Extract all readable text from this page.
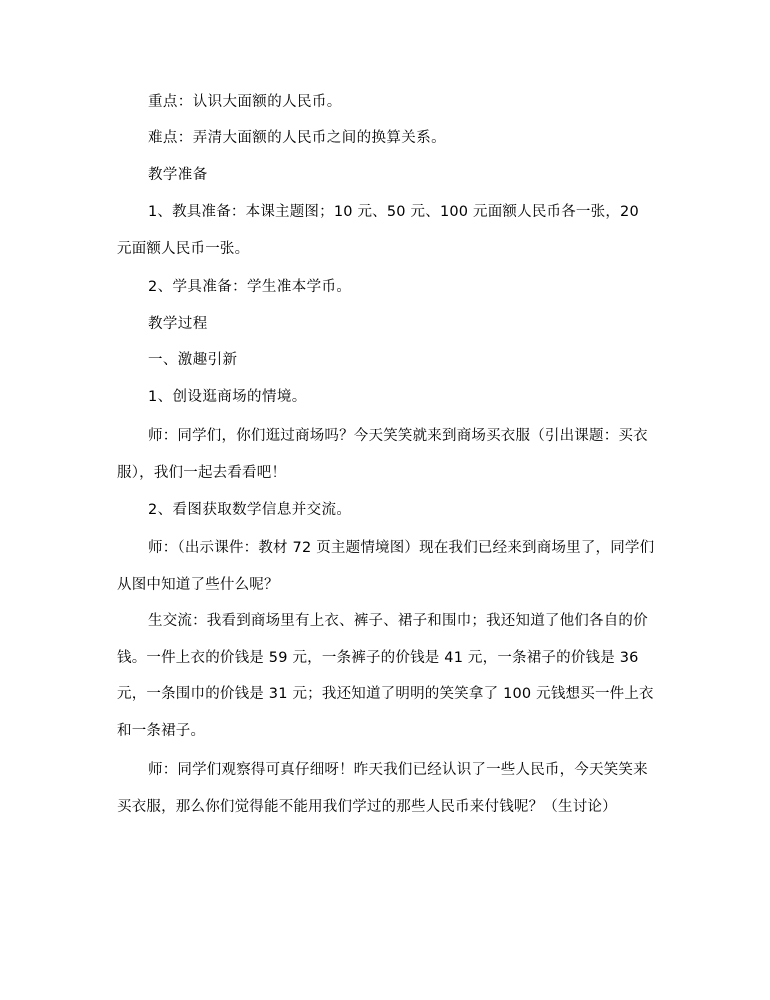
重点：认识大面额的人民币。

难点：弄清大面额的人民币之间的换算关系。

教学准备

1、教具准备：本课主题图；10 元、50 元、100 元面额人民币各一张，20 元面额人民币一张。

2、学具准备：学生准本学币。

教学过程

一、激趣引新

1、创设逛商场的情境。

师：同学们，你们逛过商场吗？今天笑笑就来到商场买衣服（引出课题：买衣服），我们一起去看看吧！

2、看图获取数学信息并交流。

师：（出示课件：教材 72 页主题情境图）现在我们已经来到商场里了，同学们从图中知道了些什么呢？

生交流：我看到商场里有上衣、裤子、裙子和围巾；我还知道了他们各自的价钱。一件上衣的价钱是 59 元，一条裤子的价钱是 41 元，一条裙子的价钱是 36 元，一条围巾的价钱是 31 元；我还知道了明明的笑笑拿了 100 元钱想买一件上衣和一条裙子。

师：同学们观察得可真仔细呀！昨天我们已经认识了一些人民币，今天笑笑来买衣服，那么你们觉得能不能用我们学过的那些人民币来付钱呢？（生讨论）
